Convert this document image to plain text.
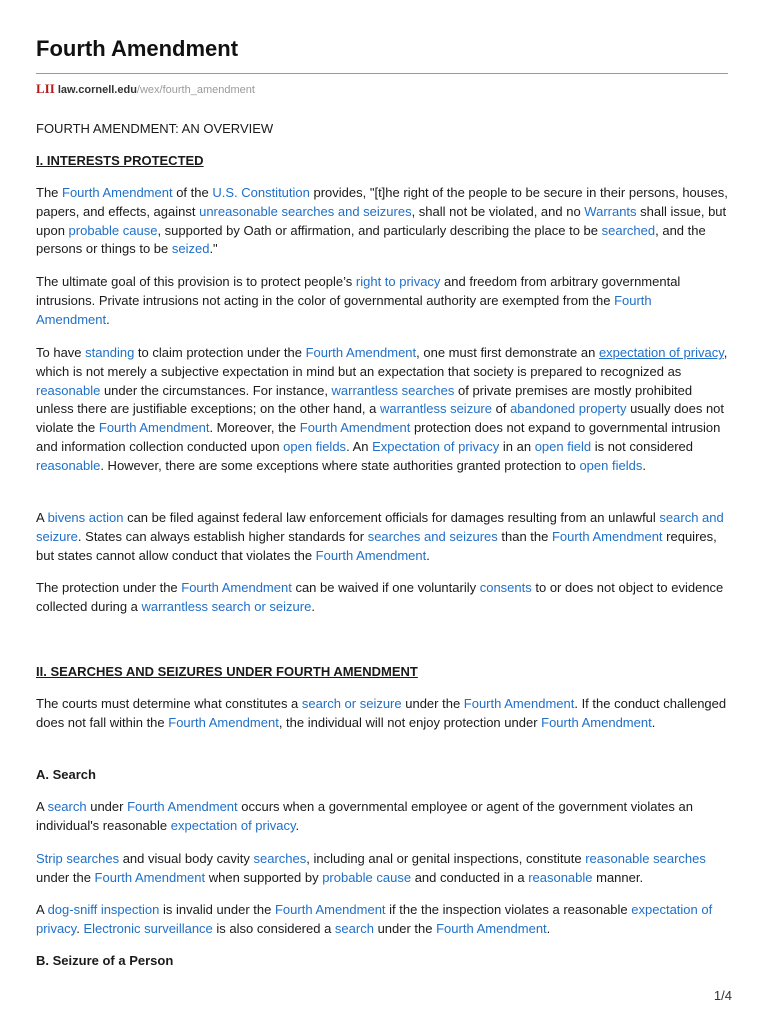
Fourth Amendment
LII law.cornell.edu/wex/fourth_amendment

FOURTH AMENDMENT: AN OVERVIEW

I. INTERESTS PROTECTED

The Fourth Amendment of the U.S. Constitution provides, "[t]he right of the people to be secure in their persons, houses, papers, and effects, against unreasonable searches and seizures, shall not be violated, and no Warrants shall issue, but upon probable cause, supported by Oath or affirmation, and particularly describing the place to be searched, and the persons or things to be seized."

The ultimate goal of this provision is to protect people’s right to privacy and freedom from arbitrary governmental intrusions. Private intrusions not acting in the color of governmental authority are exempted from the Fourth Amendment.

To have standing to claim protection under the Fourth Amendment, one must first demonstrate an expectation of privacy, which is not merely a subjective expectation in mind but an expectation that society is prepared to recognized as reasonable under the circumstances. For instance, warrantless searches of private premises are mostly prohibited unless there are justifiable exceptions; on the other hand, a warrantless seizure of abandoned property usually does not violate the Fourth Amendment. Moreover, the Fourth Amendment protection does not expand to governmental intrusion and information collection conducted upon open fields. An Expectation of privacy in an open field is not considered reasonable. However, there are some exceptions where state authorities granted protection to open fields.

A bivens action can be filed against federal law enforcement officials for damages resulting from an unlawful search and seizure. States can always establish higher standards for searches and seizures than the Fourth Amendment requires, but states cannot allow conduct that violates the Fourth Amendment.

The protection under the Fourth Amendment can be waived if one voluntarily consents to or does not object to evidence collected during a warrantless search or seizure.

II. SEARCHES AND SEIZURES UNDER FOURTH AMENDMENT

The courts must determine what constitutes a search or seizure under the Fourth Amendment. If the conduct challenged does not fall within the Fourth Amendment, the individual will not enjoy protection under Fourth Amendment.

A. Search

A search under Fourth Amendment occurs when a governmental employee or agent of the government violates an individual's reasonable expectation of privacy.

Strip searches and visual body cavity searches, including anal or genital inspections, constitute reasonable searches under the Fourth Amendment when supported by probable cause and conducted in a reasonable manner.

A dog-sniff inspection is invalid under the Fourth Amendment if the the inspection violates a reasonable expectation of privacy. Electronic surveillance is also considered a search under the Fourth Amendment.

B. Seizure of a Person

1/4
